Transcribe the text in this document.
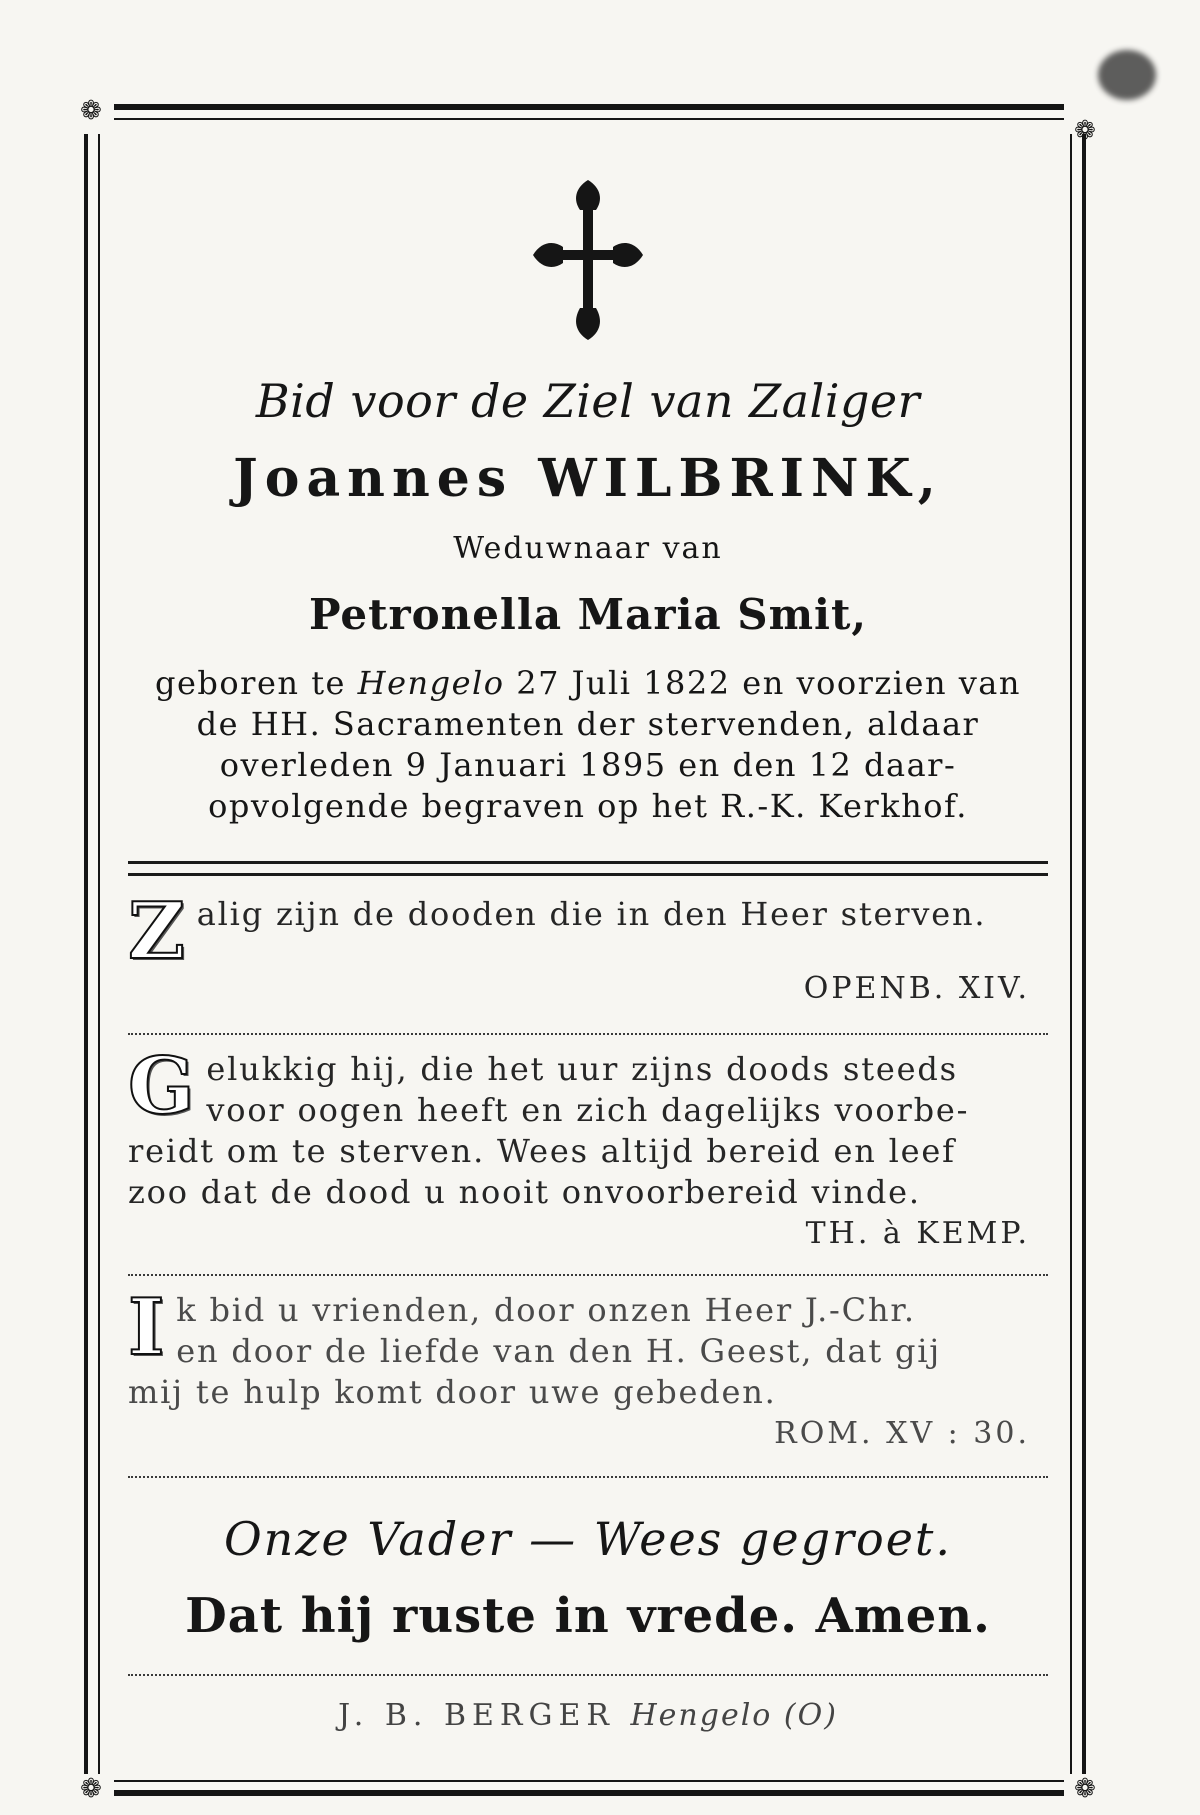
❁
❁
❁	❁
Bid voor de Ziel van Zaliger
Joannes WILBRINK,
Weduwnaar van
Petronella Maria Smit,
geboren te Hengelo 27 Juli 1822 en voorzien van
de HH. Sacramenten der stervenden, aldaar
overleden 9 Januari 1895 en den 12 daar-
opvolgende begraven op het R.-K. Kerkhof.
Z alig zijn de dooden die in den Heer sterven.
OPENB. XIV.
G elukkig hij, die het uur zijns doods steeds
voor oogen heeft en zich dagelijks voorbe-
reidt om te sterven. Wees altijd bereid en leef
zoo dat de dood u nooit onvoorbereid vinde.
TH. à KEMP.
I k bid u vrienden, door onzen Heer J.-Chr.
en door de liefde van den H. Geest, dat gij
mij te hulp komt door uwe gebeden.
ROM. XV : 30.
Onze Vader — Wees gegroet.
Dat hij ruste in vrede. Amen.
J. B. BERGER Hengelo (O)
